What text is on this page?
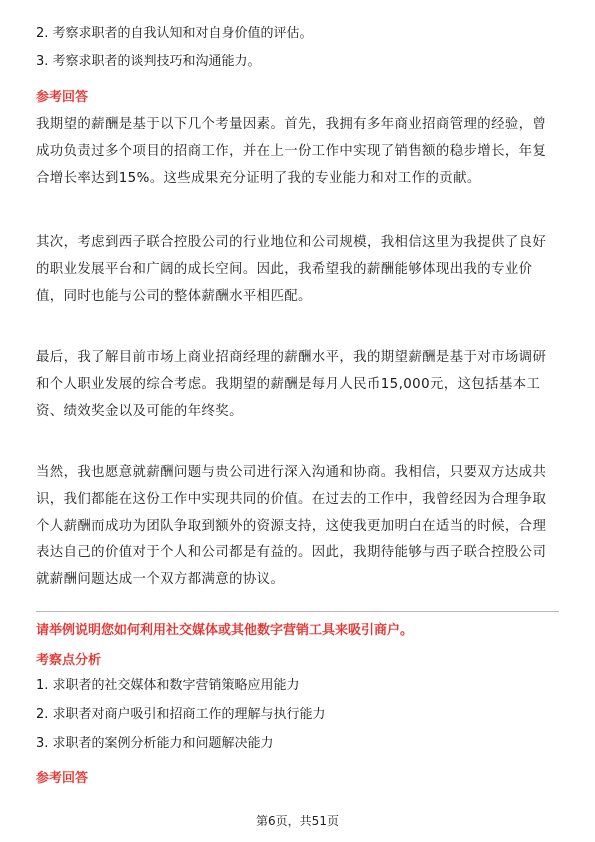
2. 考察求职者的自我认知和对自身价值的评估。
3. 考察求职者的谈判技巧和沟通能力。
参考回答
我期望的薪酬是基于以下几个考量因素。首先，我拥有多年商业招商管理的经验，曾成功负责过多个项目的招商工作，并在上一份工作中实现了销售额的稳步增长，年复合增长率达到15%。这些成果充分证明了我的专业能力和对工作的贡献。
其次，考虑到西子联合控股公司的行业地位和公司规模，我相信这里为我提供了良好的职业发展平台和广阔的成长空间。因此，我希望我的薪酬能够体现出我的专业价值，同时也能与公司的整体薪酬水平相匹配。
最后，我了解目前市场上商业招商经理的薪酬水平，我的期望薪酬是基于对市场调研和个人职业发展的综合考虑。我期望的薪酬是每月人民币15,000元，这包括基本工资、绩效奖金以及可能的年终奖。
当然，我也愿意就薪酬问题与贵公司进行深入沟通和协商。我相信，只要双方达成共识，我们都能在这份工作中实现共同的价值。在过去的工作中，我曾经因为合理争取个人薪酬而成功为团队争取到额外的资源支持，这使我更加明白在适当的时候，合理表达自己的价值对于个人和公司都是有益的。因此，我期待能够与西子联合控股公司就薪酬问题达成一个双方都满意的协议。
请举例说明您如何利用社交媒体或其他数字营销工具来吸引商户。
考察点分析
1. 求职者的社交媒体和数字营销策略应用能力
2. 求职者对商户吸引和招商工作的理解与执行能力
3. 求职者的案例分析能力和问题解决能力
参考回答
第6页，共51页
